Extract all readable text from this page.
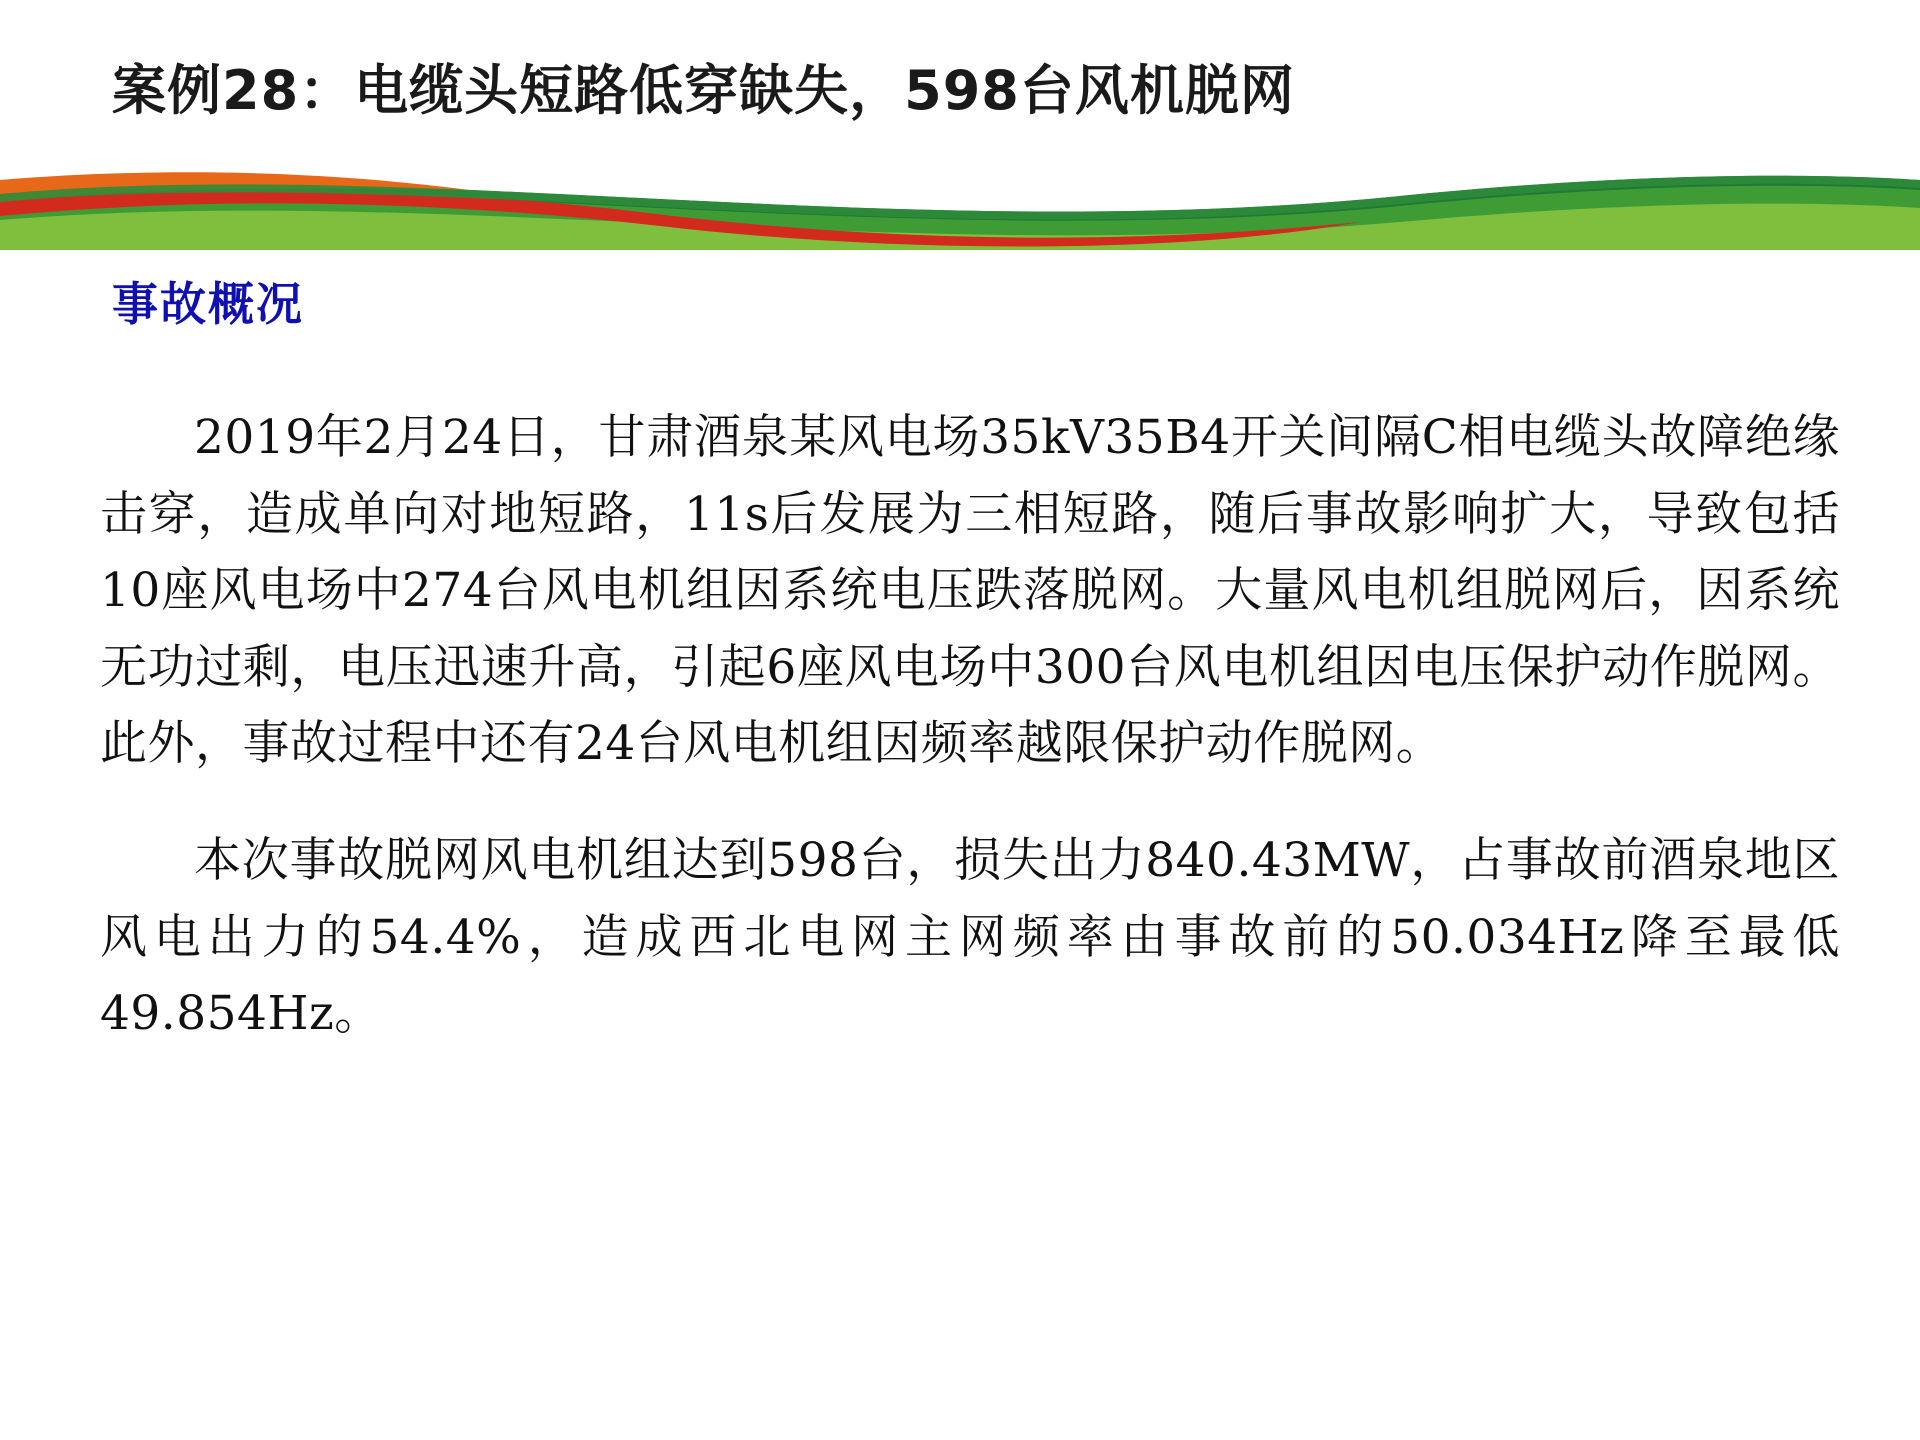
案例28：电缆头短路低穿缺失，598台风机脱网
事故概况

2019年2月24日，甘肃酒泉某风电场35kV35B4开关间隔C相电缆头故障绝缘击穿，造成单向对地短路，11s后发展为三相短路，随后事故影响扩大，导致包括10座风电场中274台风电机组因系统电压跌落脱网。大量风电机组脱网后，因系统无功过剩，电压迅速升高，引起6座风电场中300台风电机组因电压保护动作脱网。此外，事故过程中还有24台风电机组因频率越限保护动作脱网。

本次事故脱网风电机组达到598台，损失出力840.43MW，占事故前酒泉地区风电出力的54.4%，造成西北电网主网频率由事故前的50.034Hz降至最低49.854Hz。
